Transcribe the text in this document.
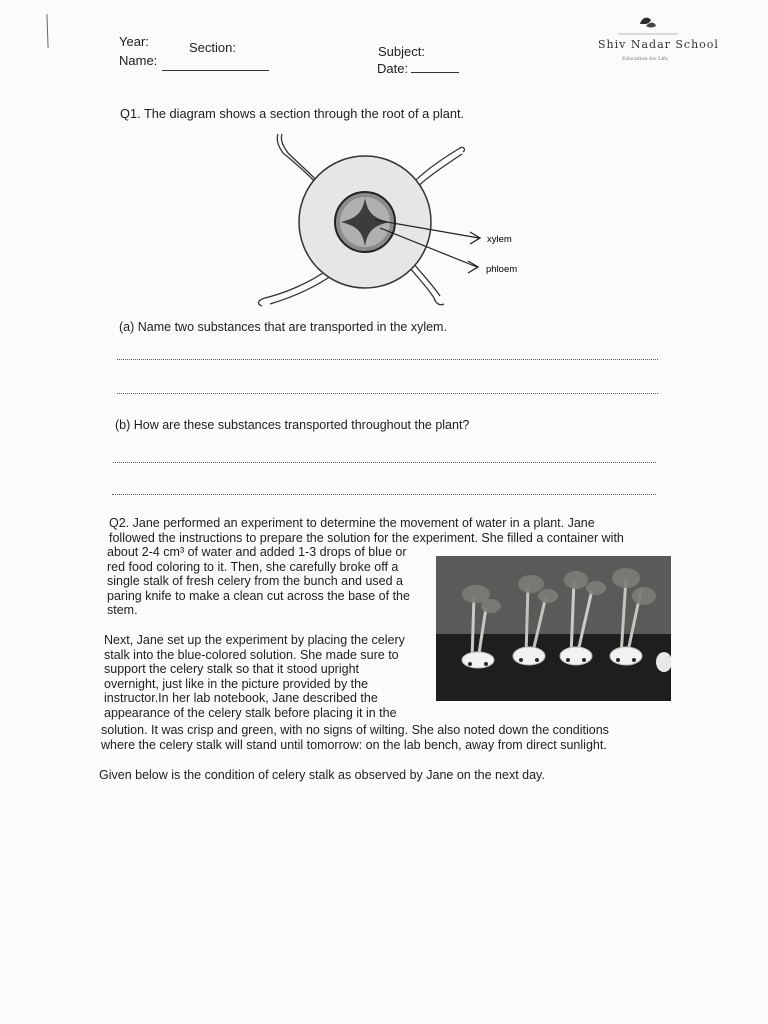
Year:	Section:
Name:
Subject:
Date:
Shiv Nadar School
Education for Life
Q1. The diagram shows a section through the root of a plant.
xylem
phloem
(a) Name two substances that are transported in the xylem.
(b) How are these substances transported throughout the plant?
Q2. Jane performed an experiment to determine the movement of water in a plant. Jane
followed the instructions to prepare the solution for the experiment. She filled a container with
about 2-4 cm³ of water and added 1-3 drops of blue or
red food coloring to it. Then, she carefully broke off a
single stalk of fresh celery from the bunch and used a
paring knife to make a clean cut across the base of the
stem.
Next, Jane set up the experiment by placing the celery
stalk into the blue-colored solution. She made sure to
support the celery stalk so that it stood upright
overnight, just like in the picture provided by the
instructor.In her lab notebook, Jane described the
appearance of the celery stalk before placing it in the
solution. It was crisp and green, with no signs of wilting. She also noted down the conditions
where the celery stalk will stand until tomorrow: on the lab bench, away from direct sunlight.
Given below is the condition of celery stalk as observed by Jane on the next day.
